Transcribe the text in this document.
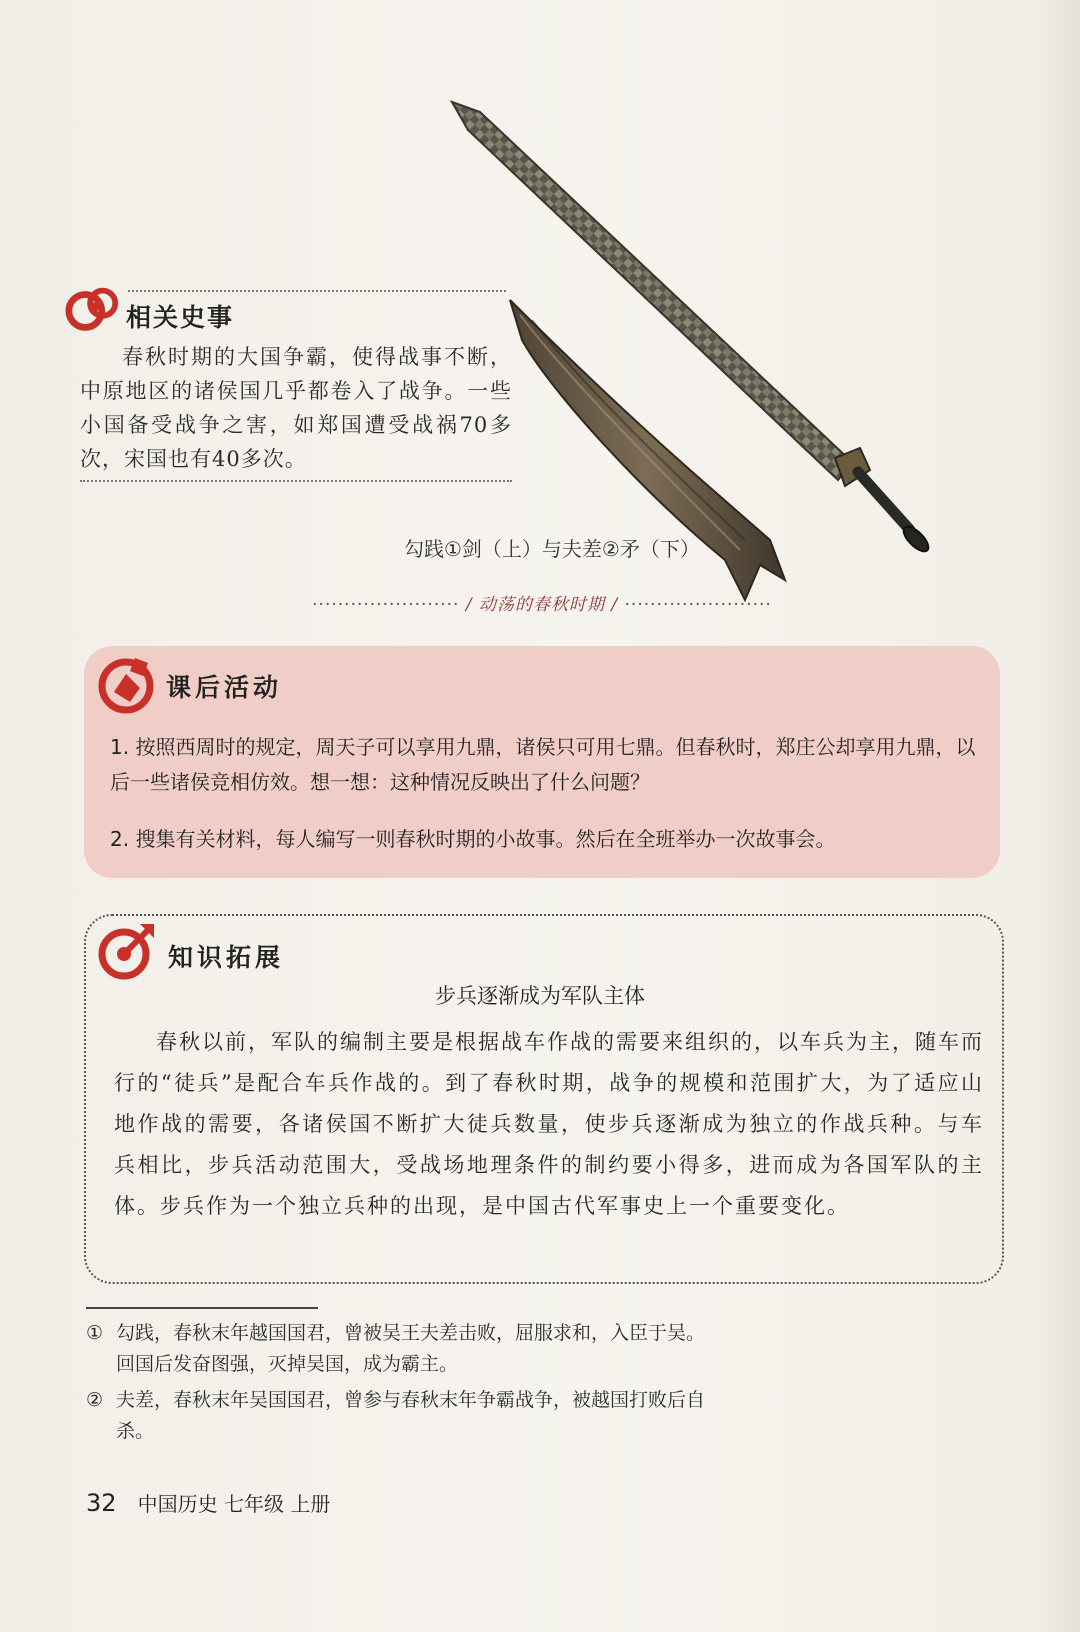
相关史事
春秋时期的大国争霸，使得战事不断，中原地区的诸侯国几乎都卷入了战争。一些小国备受战争之害，如郑国遭受战祸70多次，宋国也有40多次。
勾践①剑（上）与夫差②矛（下）
······················· / 动荡的春秋时期 / ·······················
课后活动
1. 按照西周时的规定，周天子可以享用九鼎，诸侯只可用七鼎。但春秋时，郑庄公却享用九鼎，以后一些诸侯竞相仿效。想一想：这种情况反映出了什么问题？
2. 搜集有关材料，每人编写一则春秋时期的小故事。然后在全班举办一次故事会。
知识拓展
步兵逐渐成为军队主体
春秋以前，军队的编制主要是根据战车作战的需要来组织的，以车兵为主，随车而行的“徒兵”是配合车兵作战的。到了春秋时期，战争的规模和范围扩大，为了适应山地作战的需要，各诸侯国不断扩大徒兵数量，使步兵逐渐成为独立的作战兵种。与车兵相比，步兵活动范围大，受战场地理条件的制约要小得多，进而成为各国军队的主体。步兵作为一个独立兵种的出现，是中国古代军事史上一个重要变化。
① 勾践，春秋末年越国国君，曾被吴王夫差击败，屈服求和，入臣于吴。回国后发奋图强，灭掉吴国，成为霸主。
② 夫差，春秋末年吴国国君，曾参与春秋末年争霸战争，被越国打败后自杀。
32 中国历史 七年级 上册
